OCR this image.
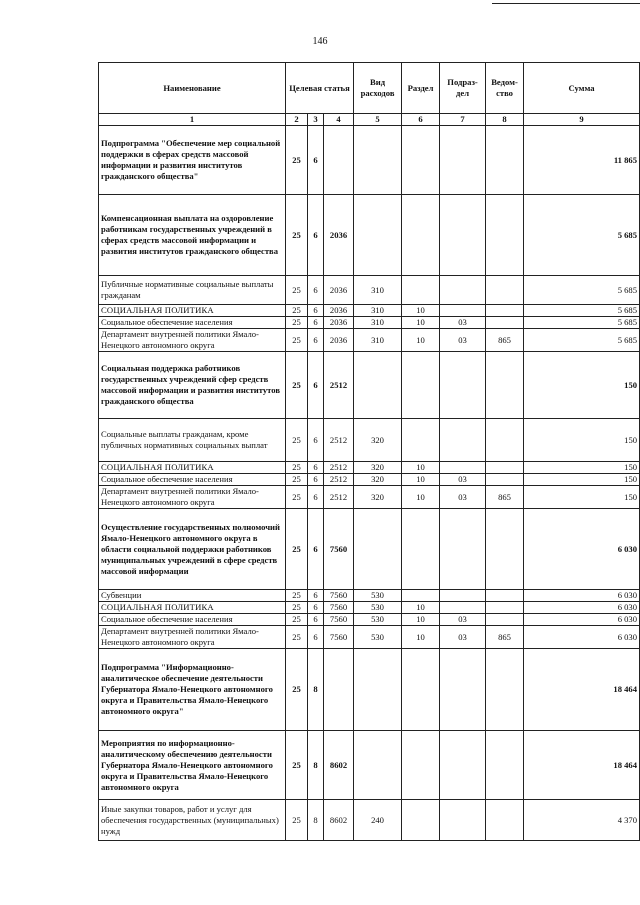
146
Наименование	Целевая статья			Вид расходов	Раздел	Подраз-дел	Ведом-ство	Сумма
1	2	3	4	5	6	7	8	9
Подпрограмма "Обеспечение мер социальной поддержки в сферах средств массовой информации и развития институтов гражданского общества"	25	6						11 865
Компенсационная выплата на оздоровление работникам государственных учреждений в сферах средств массовой информации и развития институтов гражданского общества	25	6	2036					5 685
Публичные нормативные социальные выплаты гражданам	25	6	2036	310				5 685
СОЦИАЛЬНАЯ ПОЛИТИКА	25	6	2036	310	10			5 685
Социальное обеспечение населения	25	6	2036	310	10	03		5 685
Департамент внутренней политики Ямало-Ненецкого автономного округа	25	6	2036	310	10	03	865	5 685
Социальная поддержка работников государственных учреждений сфер средств массовой информации и развития институтов гражданского общества	25	6	2512					150
Социальные выплаты гражданам, кроме публичных нормативных социальных выплат	25	6	2512	320				150
СОЦИАЛЬНАЯ ПОЛИТИКА	25	6	2512	320	10			150
Социальное обеспечение населения	25	6	2512	320	10	03		150
Департамент внутренней политики Ямало-Ненецкого автономного округа	25	6	2512	320	10	03	865	150
Осуществление государственных полномочий Ямало-Ненецкого автономного округа в области социальной поддержки работников муниципальных учреждений в сфере средств массовой информации	25	6	7560					6 030
Субвенции	25	6	7560	530				6 030
СОЦИАЛЬНАЯ ПОЛИТИКА	25	6	7560	530	10			6 030
Социальное обеспечение населения	25	6	7560	530	10	03		6 030
Департамент внутренней политики Ямало-Ненецкого автономного округа	25	6	7560	530	10	03	865	6 030
Подпрограмма "Информационно-аналитическое обеспечение деятельности Губернатора Ямало-Ненецкого автономного округа и Правительства Ямало-Ненецкого автономного округа"	25	8						18 464
Мероприятия по информационно-аналитическому обеспечению деятельности Губернатора Ямало-Ненецкого автономного округа и Правительства Ямало-Ненецкого автономного округа	25	8	8602					18 464
Иные закупки товаров, работ и услуг для обеспечения государственных (муниципальных) нужд	25	8	8602	240				4 370
